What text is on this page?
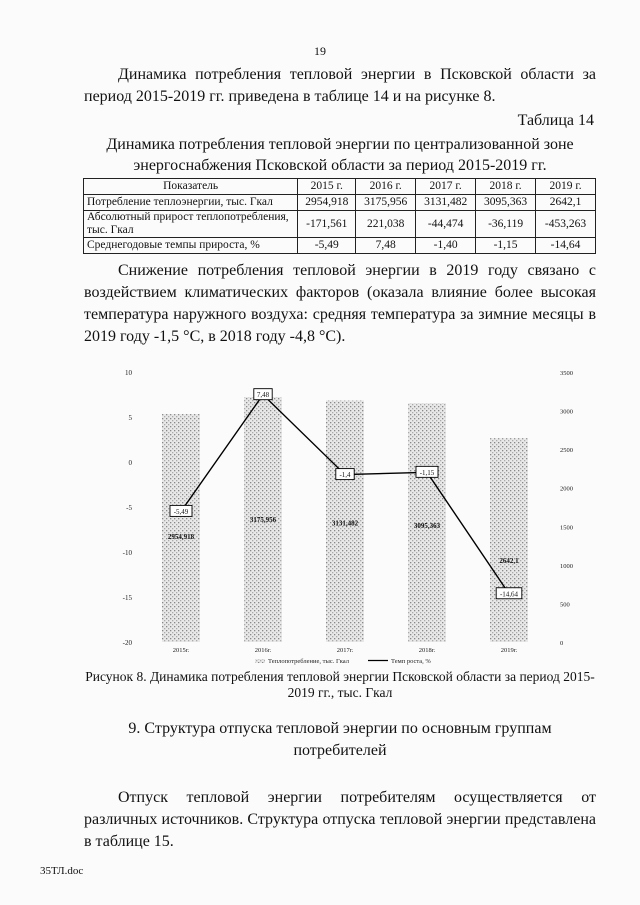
19
Динамика потребления тепловой энергии в Псковской области за период 2015-2019 гг. приведена в таблице 14 и на рисунке 8.
Таблица 14
Динамика потребления тепловой энергии по централизованной зоне энергоснабжения Псковской области за период 2015-2019 гг.
Показатель	2015 г.	2016 г.	2017 г.	2018 г.	2019 г.
Потребление теплоэнергии, тыс. Гкал	2954,918	3175,956	3131,482	3095,363	2642,1
Абсолютный прирост теплопотребления, тыс. Гкал	-171,561	221,038	-44,474	-36,119	-453,263
Среднегодовые темпы прироста, %	-5,49	7,48	-1,40	-1,15	-14,64
Снижение потребления тепловой энергии в 2019 году связано с воздействием климатических факторов (оказала влияние более высокая температура наружного воздуха: средняя температура за зимние месяцы в 2019 году -1,5 °С, в 2018 году -4,8 °С).
10
5
0
-5
-10
-15
-20
3500
3000
2500
2000
1500
1000
500
0
2954,918
3175,956	3131,482	3095,363
2642,1
-5,49
7,48
-1,4	-1,15
-14,64
2015г.	2016г.	2017г.	2018г.	2019г.
Теплопотребление, тыс. Гкал	Темп роста, %
Рисунок 8. Динамика потребления тепловой энергии Псковской области за период 2015-2019 гг., тыс. Гкал
9. Структура отпуска тепловой энергии по основным группам потребителей
Отпуск тепловой энергии потребителям осуществляется от различных источников. Структура отпуска тепловой энергии представлена в таблице 15.
35ТЛ.doc
